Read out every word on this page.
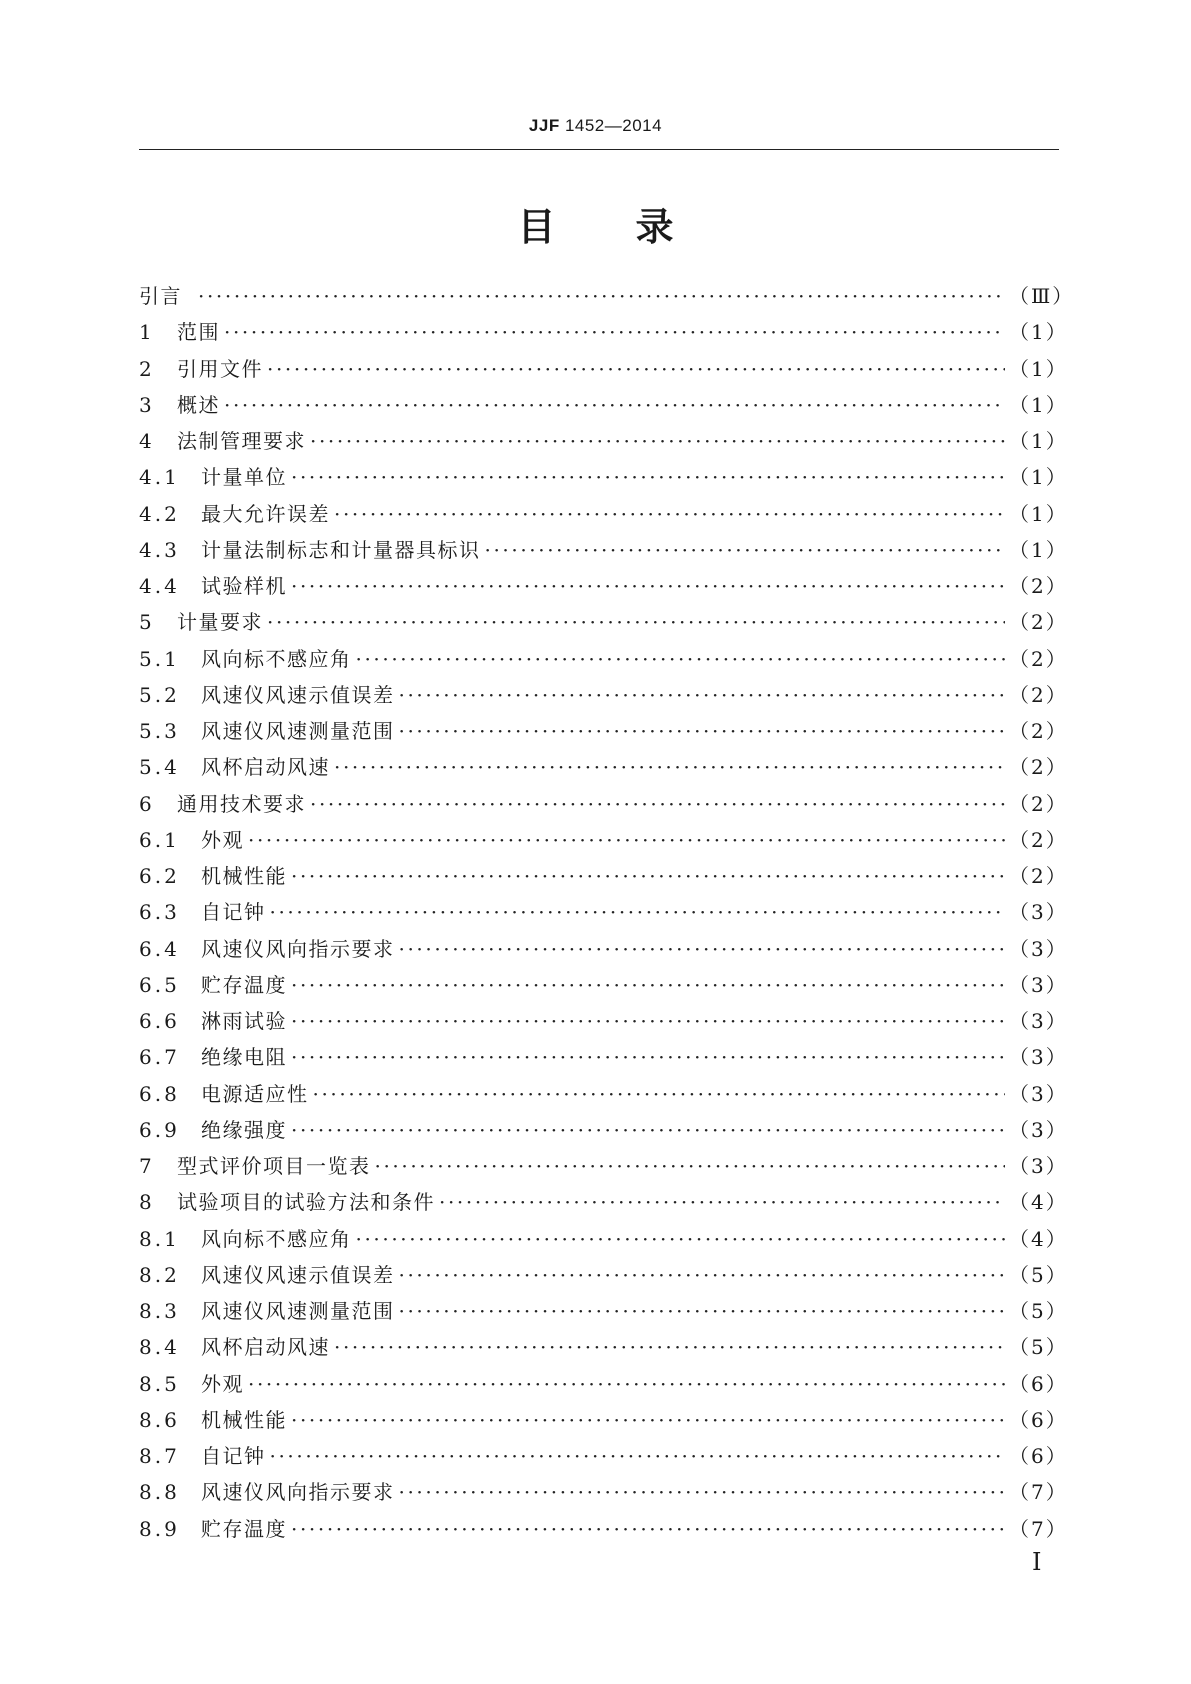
JJF 1452—2014
目 录
引言 ·····	（Ⅲ）
1	范围 ·····	（1）
2	引用文件 ·····	（1）
3	概述 ·····	（1）
4	法制管理要求 ·····	（1）
4.1	计量单位 ·····	（1）
4.2	最大允许误差 ·····	（1）
4.3	计量法制标志和计量器具标识 ·····	（1）
4.4	试验样机 ·····	（2）
5	计量要求 ·····	（2）
5.1	风向标不感应角 ·····	（2）
5.2	风速仪风速示值误差 ·····	（2）
5.3	风速仪风速测量范围 ·····	（2）
5.4	风杯启动风速 ·····	（2）
6	通用技术要求 ·····	（2）
6.1	外观 ·····	（2）
6.2	机械性能 ·····	（2）
6.3	自记钟 ·····	（3）
6.4	风速仪风向指示要求 ·····	（3）
6.5	贮存温度 ·····	（3）
6.6	淋雨试验 ·····	（3）
6.7	绝缘电阻 ·····	（3）
6.8	电源适应性 ·····	（3）
6.9	绝缘强度 ·····	（3）
7	型式评价项目一览表 ·····	（3）
8	试验项目的试验方法和条件 ·····	（4）
8.1	风向标不感应角 ·····	（4）
8.2	风速仪风速示值误差 ·····	（5）
8.3	风速仪风速测量范围 ·····	（5）
8.4	风杯启动风速 ·····	（5）
8.5	外观 ·····	（6）
8.6	机械性能 ·····	（6）
8.7	自记钟 ·····	（6）
8.8	风速仪风向指示要求 ·····	（7）
8.9	贮存温度 ·····	（7）
Ⅰ
